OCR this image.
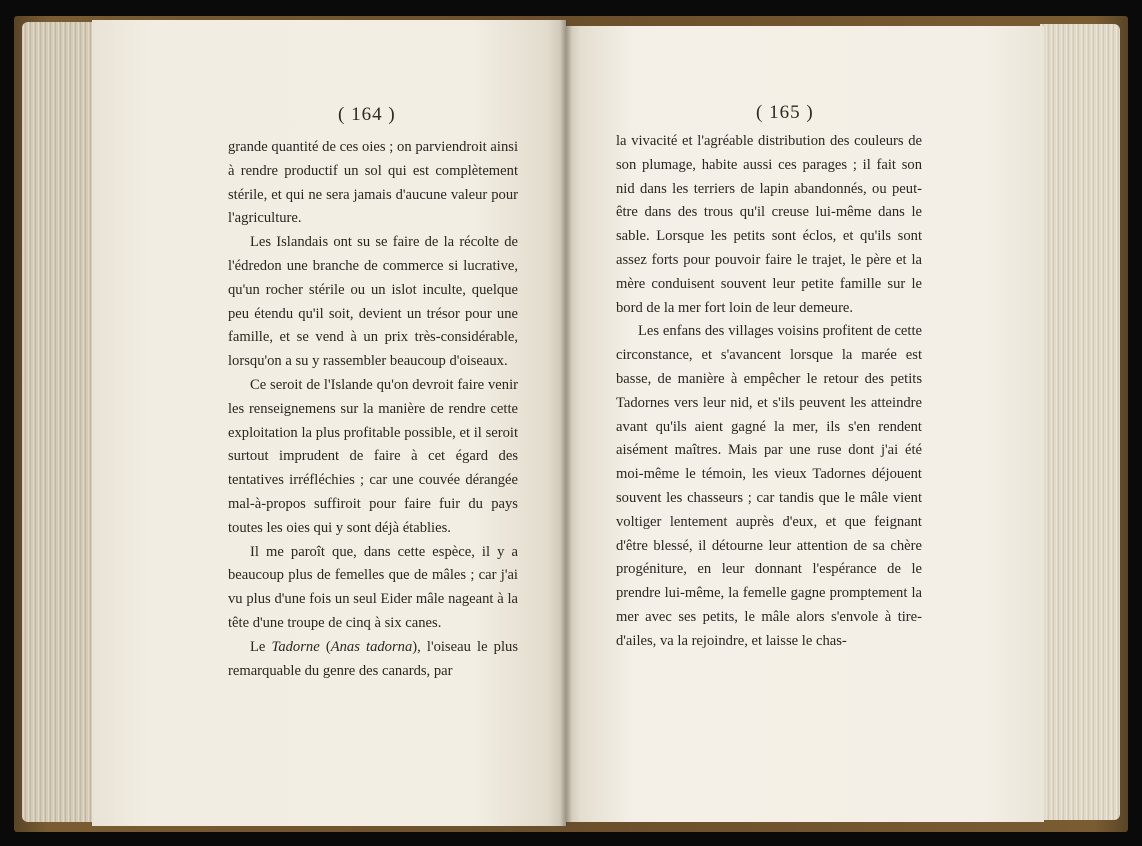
( 164 )

grande quantité de ces oies ; on parviendroit ainsi à rendre productif un sol qui est complètement stérile, et qui ne sera jamais d'aucune valeur pour l'agriculture.

Les Islandais ont su se faire de la récolte de l'édredon une branche de commerce si lucrative, qu'un rocher stérile ou un islot inculte, quelque peu étendu qu'il soit, devient un trésor pour une famille, et se vend à un prix très-considérable, lorsqu'on a su y rassembler beaucoup d'oiseaux.

Ce seroit de l'Islande qu'on devroit faire venir les renseignemens sur la manière de rendre cette exploitation la plus profitable possible, et il seroit surtout imprudent de faire à cet égard des tentatives irréfléchies ; car une couvée dérangée mal-à-propos suffiroit pour faire fuir du pays toutes les oies qui y sont déjà établies.

Il me paroît que, dans cette espèce, il y a beaucoup plus de femelles que de mâles ; car j'ai vu plus d'une fois un seul Eider mâle nageant à la tête d'une troupe de cinq à six canes.

Le Tadorne (Anas tadorna), l'oiseau le plus remarquable du genre des canards, par

( 165 )

la vivacité et l'agréable distribution des couleurs de son plumage, habite aussi ces parages ; il fait son nid dans les terriers de lapin abandonnés, ou peut-être dans des trous qu'il creuse lui-même dans le sable. Lorsque les petits sont éclos, et qu'ils sont assez forts pour pouvoir faire le trajet, le père et la mère conduisent souvent leur petite famille sur le bord de la mer fort loin de leur demeure.

Les enfans des villages voisins profitent de cette circonstance, et s'avancent lorsque la marée est basse, de manière à empêcher le retour des petits Tadornes vers leur nid, et s'ils peuvent les atteindre avant qu'ils aient gagné la mer, ils s'en rendent aisément maîtres. Mais par une ruse dont j'ai été moi-même le témoin, les vieux Tadornes déjouent souvent les chasseurs ; car tandis que le mâle vient voltiger lentement auprès d'eux, et que feignant d'être blessé, il détourne leur attention de sa chère progéniture, en leur donnant l'espérance de le prendre lui-même, la femelle gagne promptement la mer avec ses petits, le mâle alors s'envole à tire-d'ailes, va la rejoindre, et laisse le chas-
